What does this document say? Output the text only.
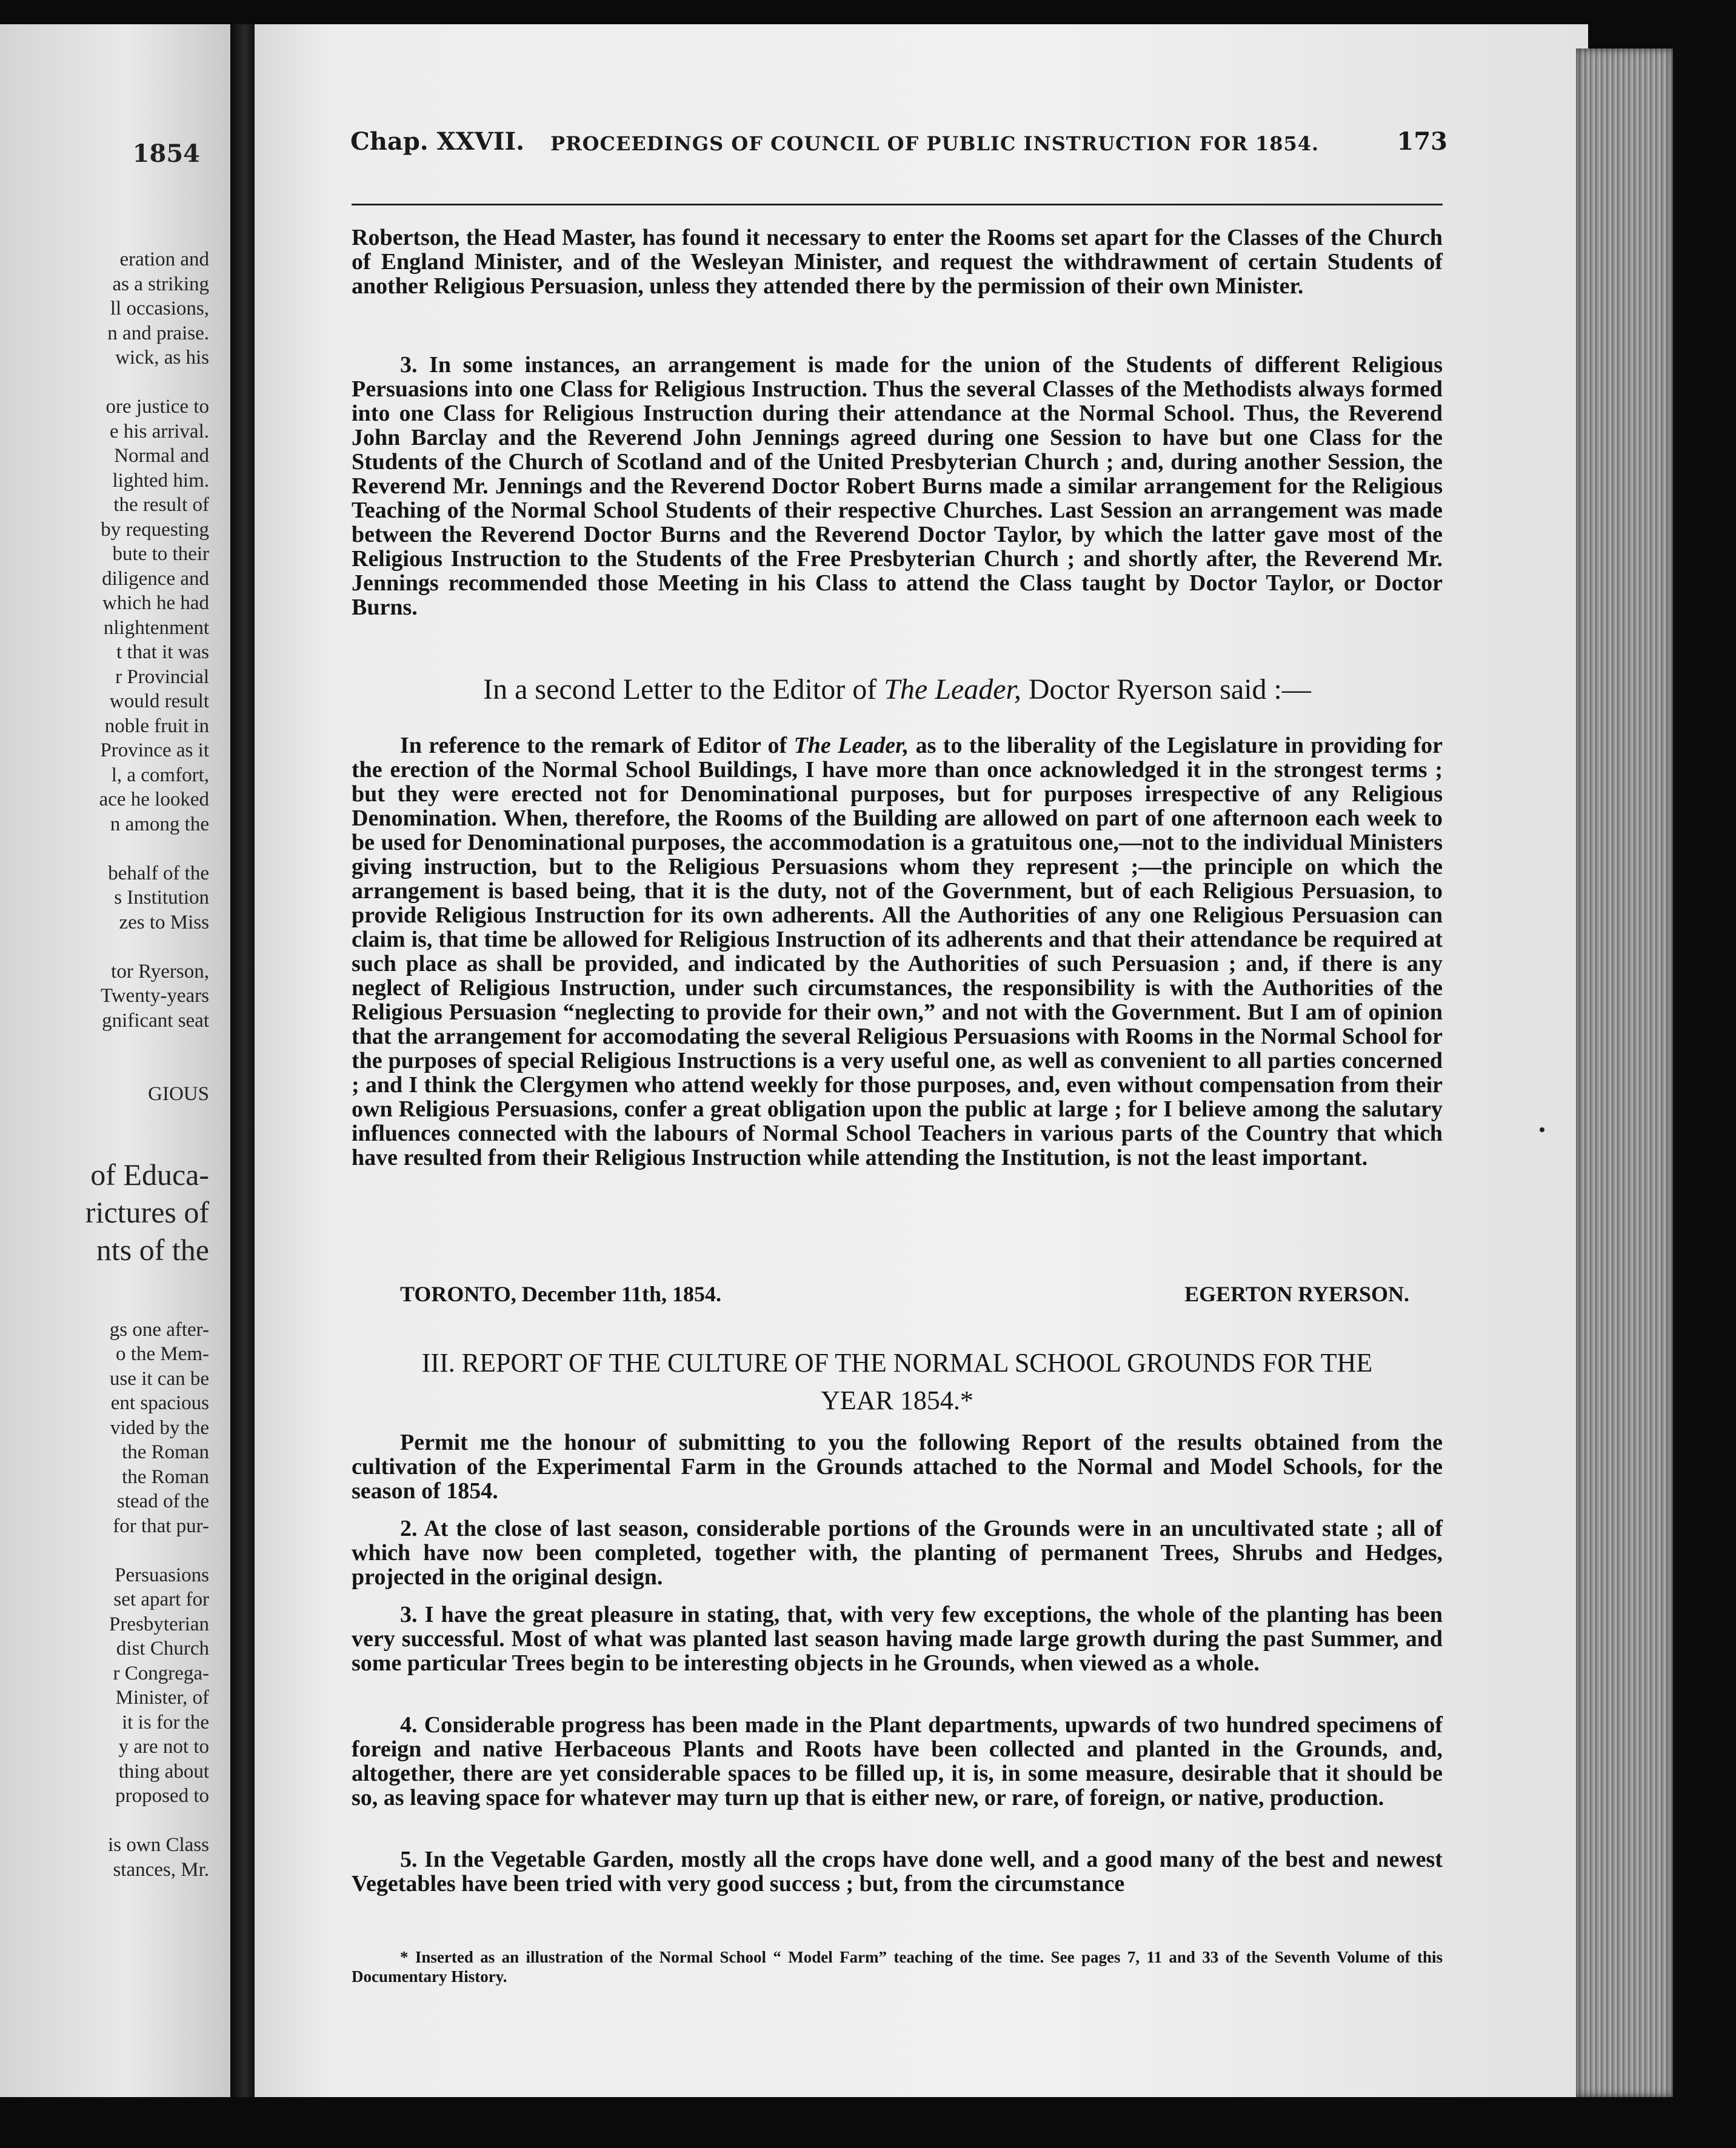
1854
eration and
as a striking
ll occasions,
n and praise.
wick, as his

ore justice to
e his arrival.
Normal and
lighted him.
the result of
by requesting
bute to their
diligence and
which he had
nlightenment
t that it was
r Provincial
would result
noble fruit in
Province as it
l, a comfort,
ace he looked
n among the

behalf of the
s Institution
zes to Miss

tor Ryerson,
Twenty-years
gnificant seat

GIOUS

of Educa-
rictures of
nts of the

gs one after-
o the Mem-
use it can be
ent spacious
vided by the
the Roman
the Roman
stead of the
for that pur-

Persuasions
set apart for
Presbyterian
dist Church
r Congrega-
Minister, of
it is for the
y are not to
thing about
proposed to

is own Class
stances, Mr.
Chap. XXVII. PROCEEDINGS OF COUNCIL OF PUBLIC INSTRUCTION FOR 1854.	173

Robertson, the Head Master, has found it necessary to enter the Rooms set apart for the Classes of the Church of England Minister, and of the Wesleyan Minister, and request the withdrawment of certain Students of another Religious Persuasion, unless they attended there by the permission of their own Minister.

3. In some instances, an arrangement is made for the union of the Students of different Religious Persuasions into one Class for Religious Instruction. Thus the several Classes of the Methodists always formed into one Class for Religious Instruction during their attendance at the Normal School. Thus, the Reverend John Barclay and the Reverend John Jennings agreed during one Session to have but one Class for the Students of the Church of Scotland and of the United Presbyterian Church ; and, during another Session, the Reverend Mr. Jennings and the Reverend Doctor Robert Burns made a similar arrangement for the Religious Teaching of the Normal School Students of their respective Churches. Last Session an arrangement was made between the Reverend Doctor Burns and the Reverend Doctor Taylor, by which the latter gave most of the Religious Instruction to the Students of the Free Presbyterian Church ; and shortly after, the Reverend Mr. Jennings recommended those Meeting in his Class to attend the Class taught by Doctor Taylor, or Doctor Burns.

In a second Letter to the Editor of The Leader, Doctor Ryerson said :—

In reference to the remark of Editor of The Leader, as to the liberality of the Legislature in providing for the erection of the Normal School Buildings, I have more than once acknowledged it in the strongest terms ; but they were erected not for Denominational purposes, but for purposes irrespective of any Religious Denomination. When, therefore, the Rooms of the Building are allowed on part of one afternoon each week to be used for Denominational purposes, the accommodation is a gratuitous one,—not to the individual Ministers giving instruction, but to the Religious Persuasions whom they represent ;—the principle on which the arrangement is based being, that it is the duty, not of the Government, but of each Religious Persuasion, to provide Religious Instruction for its own adherents. All the Authorities of any one Religious Persuasion can claim is, that time be allowed for Religious Instruction of its adherents and that their attendance be required at such place as shall be provided, and indicated by the Authorities of such Persuasion ; and, if there is any neglect of Religious Instruction, under such circumstances, the responsibility is with the Authorities of the Religious Persuasion “neglecting to provide for their own,” and not with the Government. But I am of opinion that the arrangement for accomodating the several Religious Persuasions with Rooms in the Normal School for the purposes of special Religious Instructions is a very useful one, as well as convenient to all parties concerned ; and I think the Clergymen who attend weekly for those purposes, and, even without compensation from their own Religious Persuasions, confer a great obligation upon the public at large ; for I believe among the salutary influences connected with the labours of Normal School Teachers in various parts of the Country that which have resulted from their Religious Instruction while attending the Institution, is not the least important.

TORONTO, December 11th, 1854.	EGERTON RYERSON.
III. REPORT OF THE CULTURE OF THE NORMAL SCHOOL GROUNDS FOR THE
YEAR 1854.*

Permit me the honour of submitting to you the following Report of the results obtained from the cultivation of the Experimental Farm in the Grounds attached to the Normal and Model Schools, for the season of 1854.

2. At the close of last season, considerable portions of the Grounds were in an uncultivated state ; all of which have now been completed, together with, the planting of permanent Trees, Shrubs and Hedges, projected in the original design.

3. I have the great pleasure in stating, that, with very few exceptions, the whole of the planting has been very successful. Most of what was planted last season having made large growth during the past Summer, and some particular Trees begin to be interesting objects in he Grounds, when viewed as a whole.

4. Considerable progress has been made in the Plant departments, upwards of two hundred specimens of foreign and native Herbaceous Plants and Roots have been collected and planted in the Grounds, and, altogether, there are yet considerable spaces to be filled up, it is, in some measure, desirable that it should be so, as leaving space for whatever may turn up that is either new, or rare, of foreign, or native, production.

5. In the Vegetable Garden, mostly all the crops have done well, and a good many of the best and newest Vegetables have been tried with very good success ; but, from the circumstance

* Inserted as an illustration of the Normal School “ Model Farm” teaching of the time. See pages 7, 11 and 33 of the Seventh Volume of this Documentary History.
